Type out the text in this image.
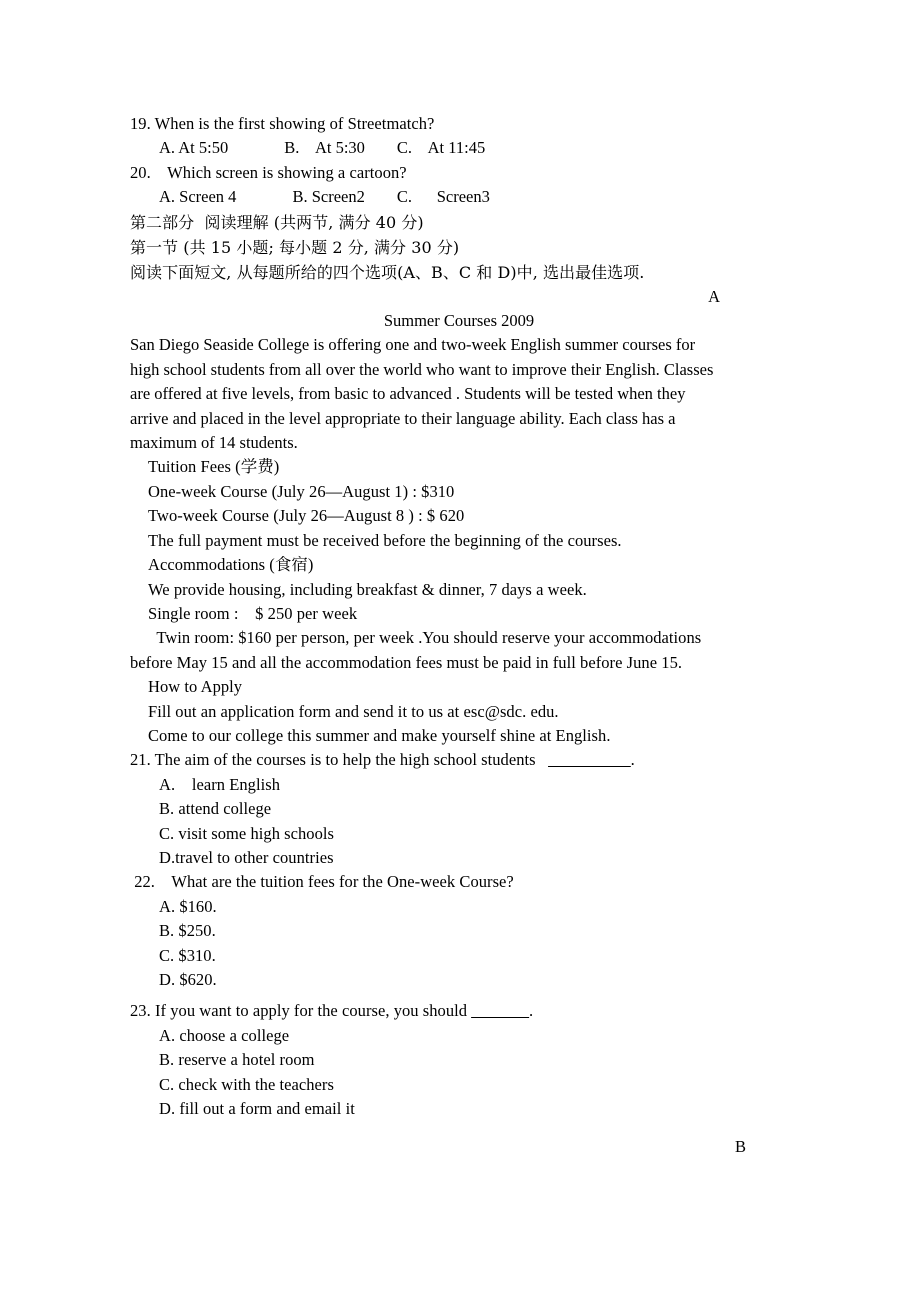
19. When is the first showing of Streetmatch?
A. At 5:50	B.    At 5:30 C.    At 11:45
20.    Which screen is showing a cartoon?
A. Screen 4	B. Screen2 C.      Screen3
第二部分  阅读理解 (共两节, 满分 40 分)
第一节 (共 15 小题; 每小题 2 分, 满分 30 分)
阅读下面短文, 从每题所给的四个选项(A、B、C 和 D)中, 选出最佳选项.
A
Summer Courses 2009
San Diego Seaside College is offering one and two-week English summer courses for
high school students from all over the world who want to improve their English. Classes
are offered at five levels, from basic to advanced . Students will be tested when they
arrive and placed in the level appropriate to their language ability. Each class has a
maximum of 14 students.
Tuition Fees (学费)
One-week Course (July 26—August 1) : $310
Two-week Course (July 26—August 8 ) : $ 620
The full payment must be received before the beginning of the courses.
Accommodations (食宿)
We provide housing, including breakfast & dinner, 7 days a week.
Single room :    $ 250 per week
Twin room: $160 per person, per week .You should reserve your accommodations
before May 15 and all the accommodation fees must be paid in full before June 15.
How to Apply
Fill out an application form and send it to us at esc@sdc. edu.
Come to our college this summer and make yourself shine at English.
21. The aim of the courses is to help the high school students __________.
A.    learn English
B. attend college
C. visit some high schools
D.travel to other countries
22.    What are the tuition fees for the One-week Course?
A. $160.
B. $250.
C. $310.
D. $620.
23. If you want to apply for the course, you should _______.
A. choose a college
B. reserve a hotel room
C. check with the teachers
D. fill out a form and email it
B
